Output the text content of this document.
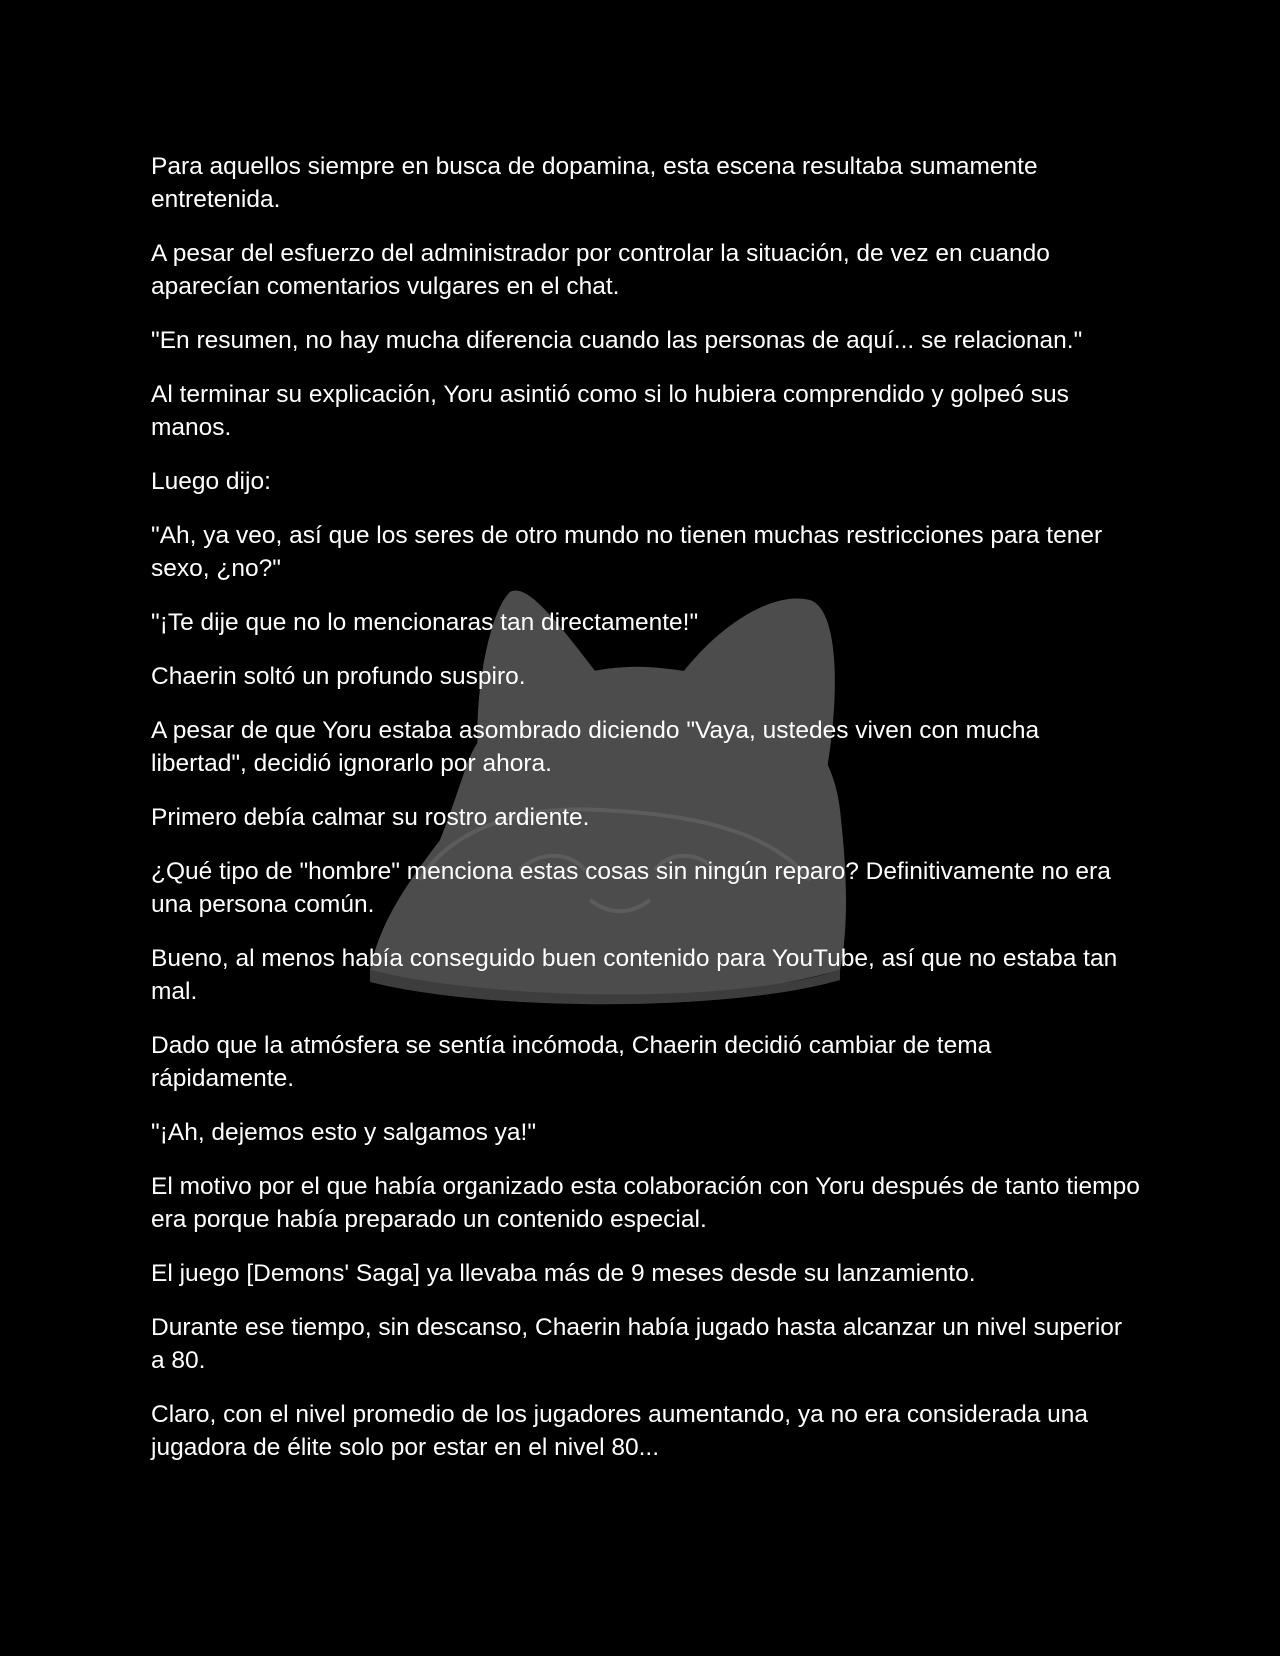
Para aquellos siempre en busca de dopamina, esta escena resultaba sumamente entretenida.

A pesar del esfuerzo del administrador por controlar la situación, de vez en cuando aparecían comentarios vulgares en el chat.

"En resumen, no hay mucha diferencia cuando las personas de aquí... se relacionan."

Al terminar su explicación, Yoru asintió como si lo hubiera comprendido y golpeó sus manos.

Luego dijo:

"Ah, ya veo, así que los seres de otro mundo no tienen muchas restricciones para tener sexo, ¿no?"

"¡Te dije que no lo mencionaras tan directamente!"

Chaerin soltó un profundo suspiro.

A pesar de que Yoru estaba asombrado diciendo "Vaya, ustedes viven con mucha libertad", decidió ignorarlo por ahora.

Primero debía calmar su rostro ardiente.

¿Qué tipo de "hombre" menciona estas cosas sin ningún reparo? Definitivamente no era una persona común.

Bueno, al menos había conseguido buen contenido para YouTube, así que no estaba tan mal.

Dado que la atmósfera se sentía incómoda, Chaerin decidió cambiar de tema rápidamente.

"¡Ah, dejemos esto y salgamos ya!"

El motivo por el que había organizado esta colaboración con Yoru después de tanto tiempo era porque había preparado un contenido especial.

El juego [Demons' Saga] ya llevaba más de 9 meses desde su lanzamiento.

Durante ese tiempo, sin descanso, Chaerin había jugado hasta alcanzar un nivel superior a 80.

Claro, con el nivel promedio de los jugadores aumentando, ya no era considerada una jugadora de élite solo por estar en el nivel 80...
